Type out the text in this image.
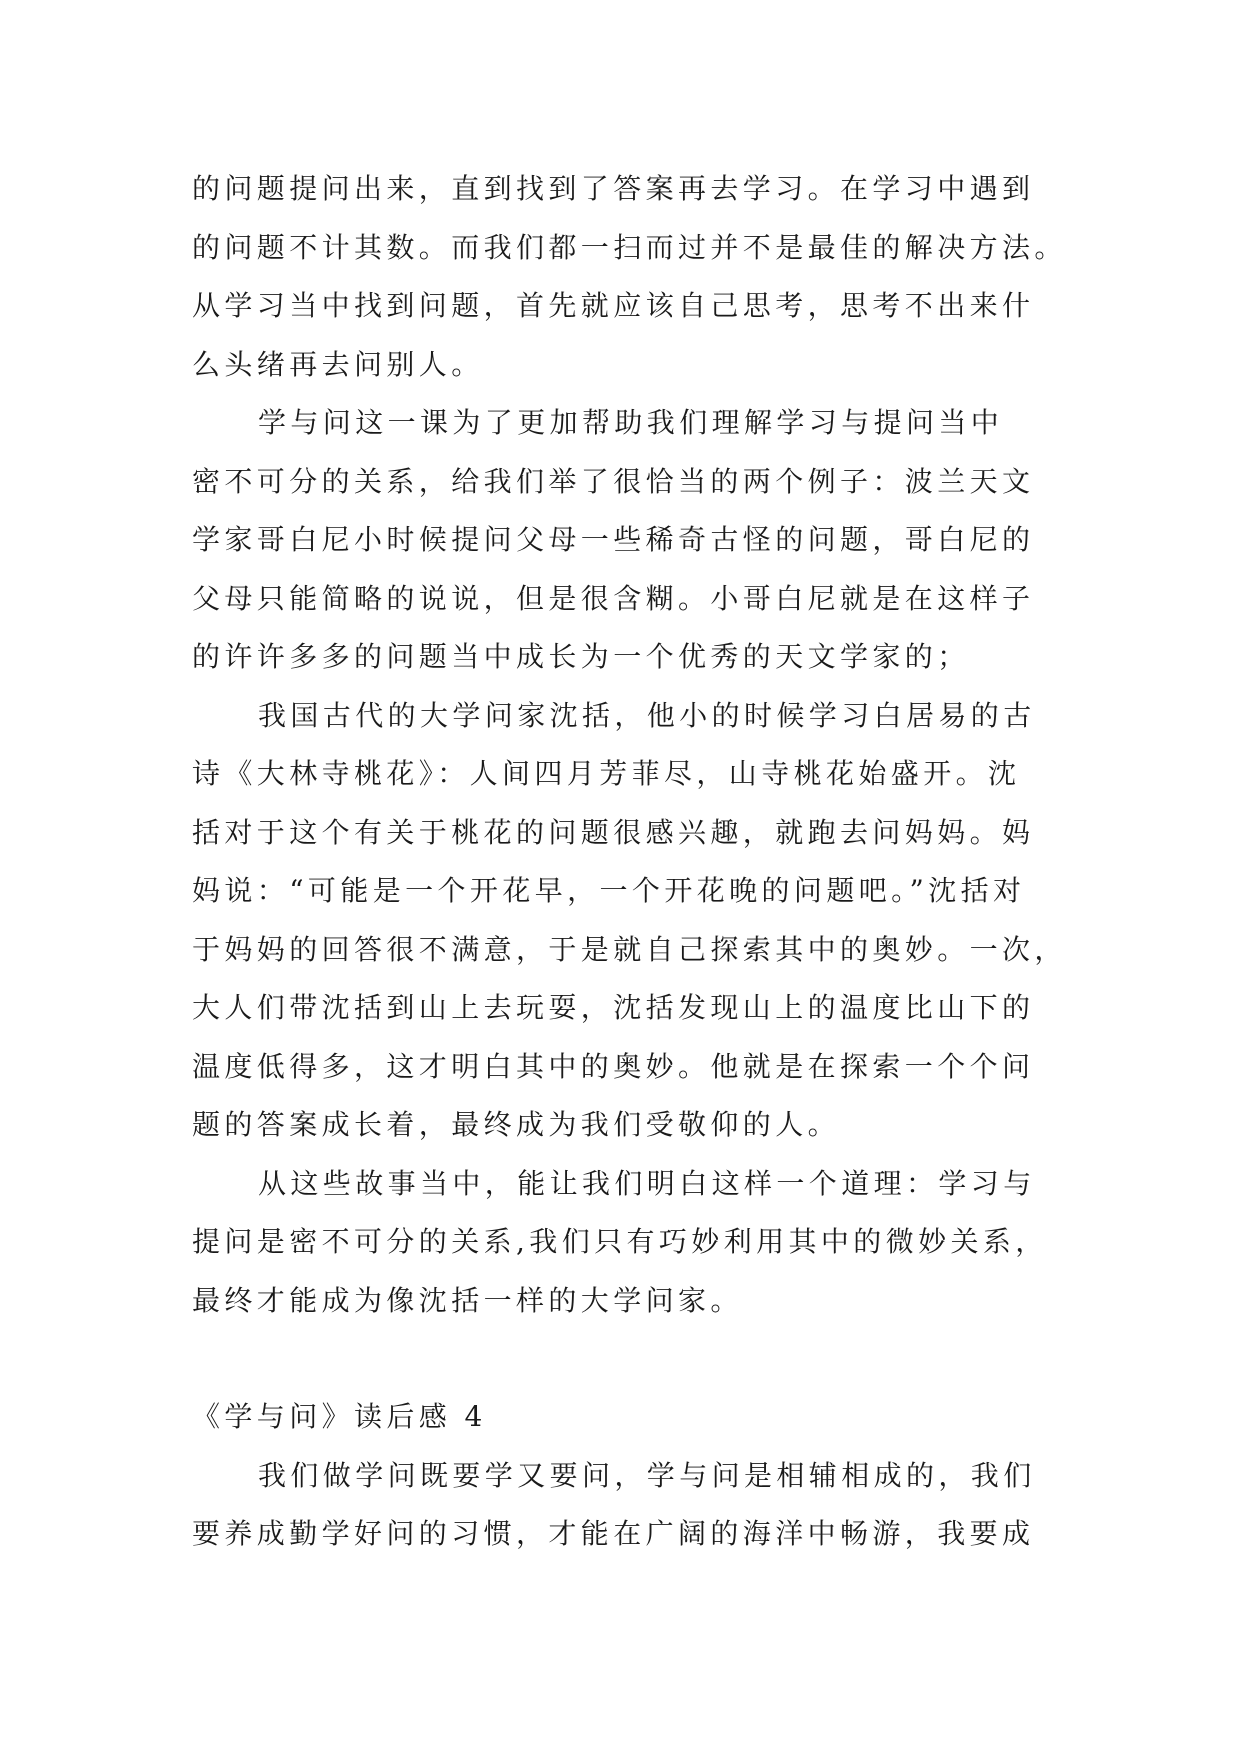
的问题提问出来，直到找到了答案再去学习。在学习中遇到
的问题不计其数。而我们都一扫而过并不是最佳的解决方法。
从学习当中找到问题，首先就应该自己思考，思考不出来什
么头绪再去问别人。
学与问这一课为了更加帮助我们理解学习与提问当中
密不可分的关系，给我们举了很恰当的两个例子：波兰天文
学家哥白尼小时候提问父母一些稀奇古怪的问题，哥白尼的
父母只能简略的说说，但是很含糊。小哥白尼就是在这样子
的许许多多的问题当中成长为一个优秀的天文学家的；
我国古代的大学问家沈括，他小的时候学习白居易的古
诗《大林寺桃花》：人间四月芳菲尽，山寺桃花始盛开。沈
括对于这个有关于桃花的问题很感兴趣，就跑去问妈妈。妈
妈说：“可能是一个开花早，一个开花晚的问题吧。”沈括对
于妈妈的回答很不满意，于是就自己探索其中的奥妙。一次，
大人们带沈括到山上去玩耍，沈括发现山上的温度比山下的
温度低得多，这才明白其中的奥妙。他就是在探索一个个问
题的答案成长着，最终成为我们受敬仰的人。
从这些故事当中，能让我们明白这样一个道理：学习与
提问是密不可分的关系,我们只有巧妙利用其中的微妙关系，
最终才能成为像沈括一样的大学问家。
《学与问》读后感 4
我们做学问既要学又要问，学与问是相辅相成的，我们
要养成勤学好问的习惯，才能在广阔的海洋中畅游，我要成
